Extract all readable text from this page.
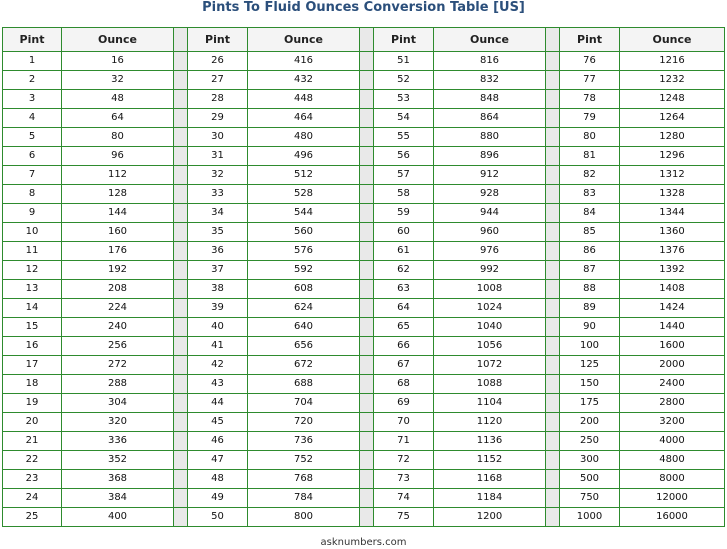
Pints To Fluid Ounces Conversion Table [US]
Pint	Ounce		Pint	Ounce		Pint	Ounce		Pint	Ounce
1	16		26	416		51	816		76	1216
2	32		27	432		52	832		77	1232
3	48		28	448		53	848		78	1248
4	64		29	464		54	864		79	1264
5	80		30	480		55	880		80	1280
6	96		31	496		56	896		81	1296
7	112		32	512		57	912		82	1312
8	128		33	528		58	928		83	1328
9	144		34	544		59	944		84	1344
10	160		35	560		60	960		85	1360
11	176		36	576		61	976		86	1376
12	192		37	592		62	992		87	1392
13	208		38	608		63	1008		88	1408
14	224		39	624		64	1024		89	1424
15	240		40	640		65	1040		90	1440
16	256		41	656		66	1056		100	1600
17	272		42	672		67	1072		125	2000
18	288		43	688		68	1088		150	2400
19	304		44	704		69	1104		175	2800
20	320		45	720		70	1120		200	3200
21	336		46	736		71	1136		250	4000
22	352		47	752		72	1152		300	4800
23	368		48	768		73	1168		500	8000
24	384		49	784		74	1184		750	12000
25	400		50	800		75	1200		1000	16000
asknumbers.com
